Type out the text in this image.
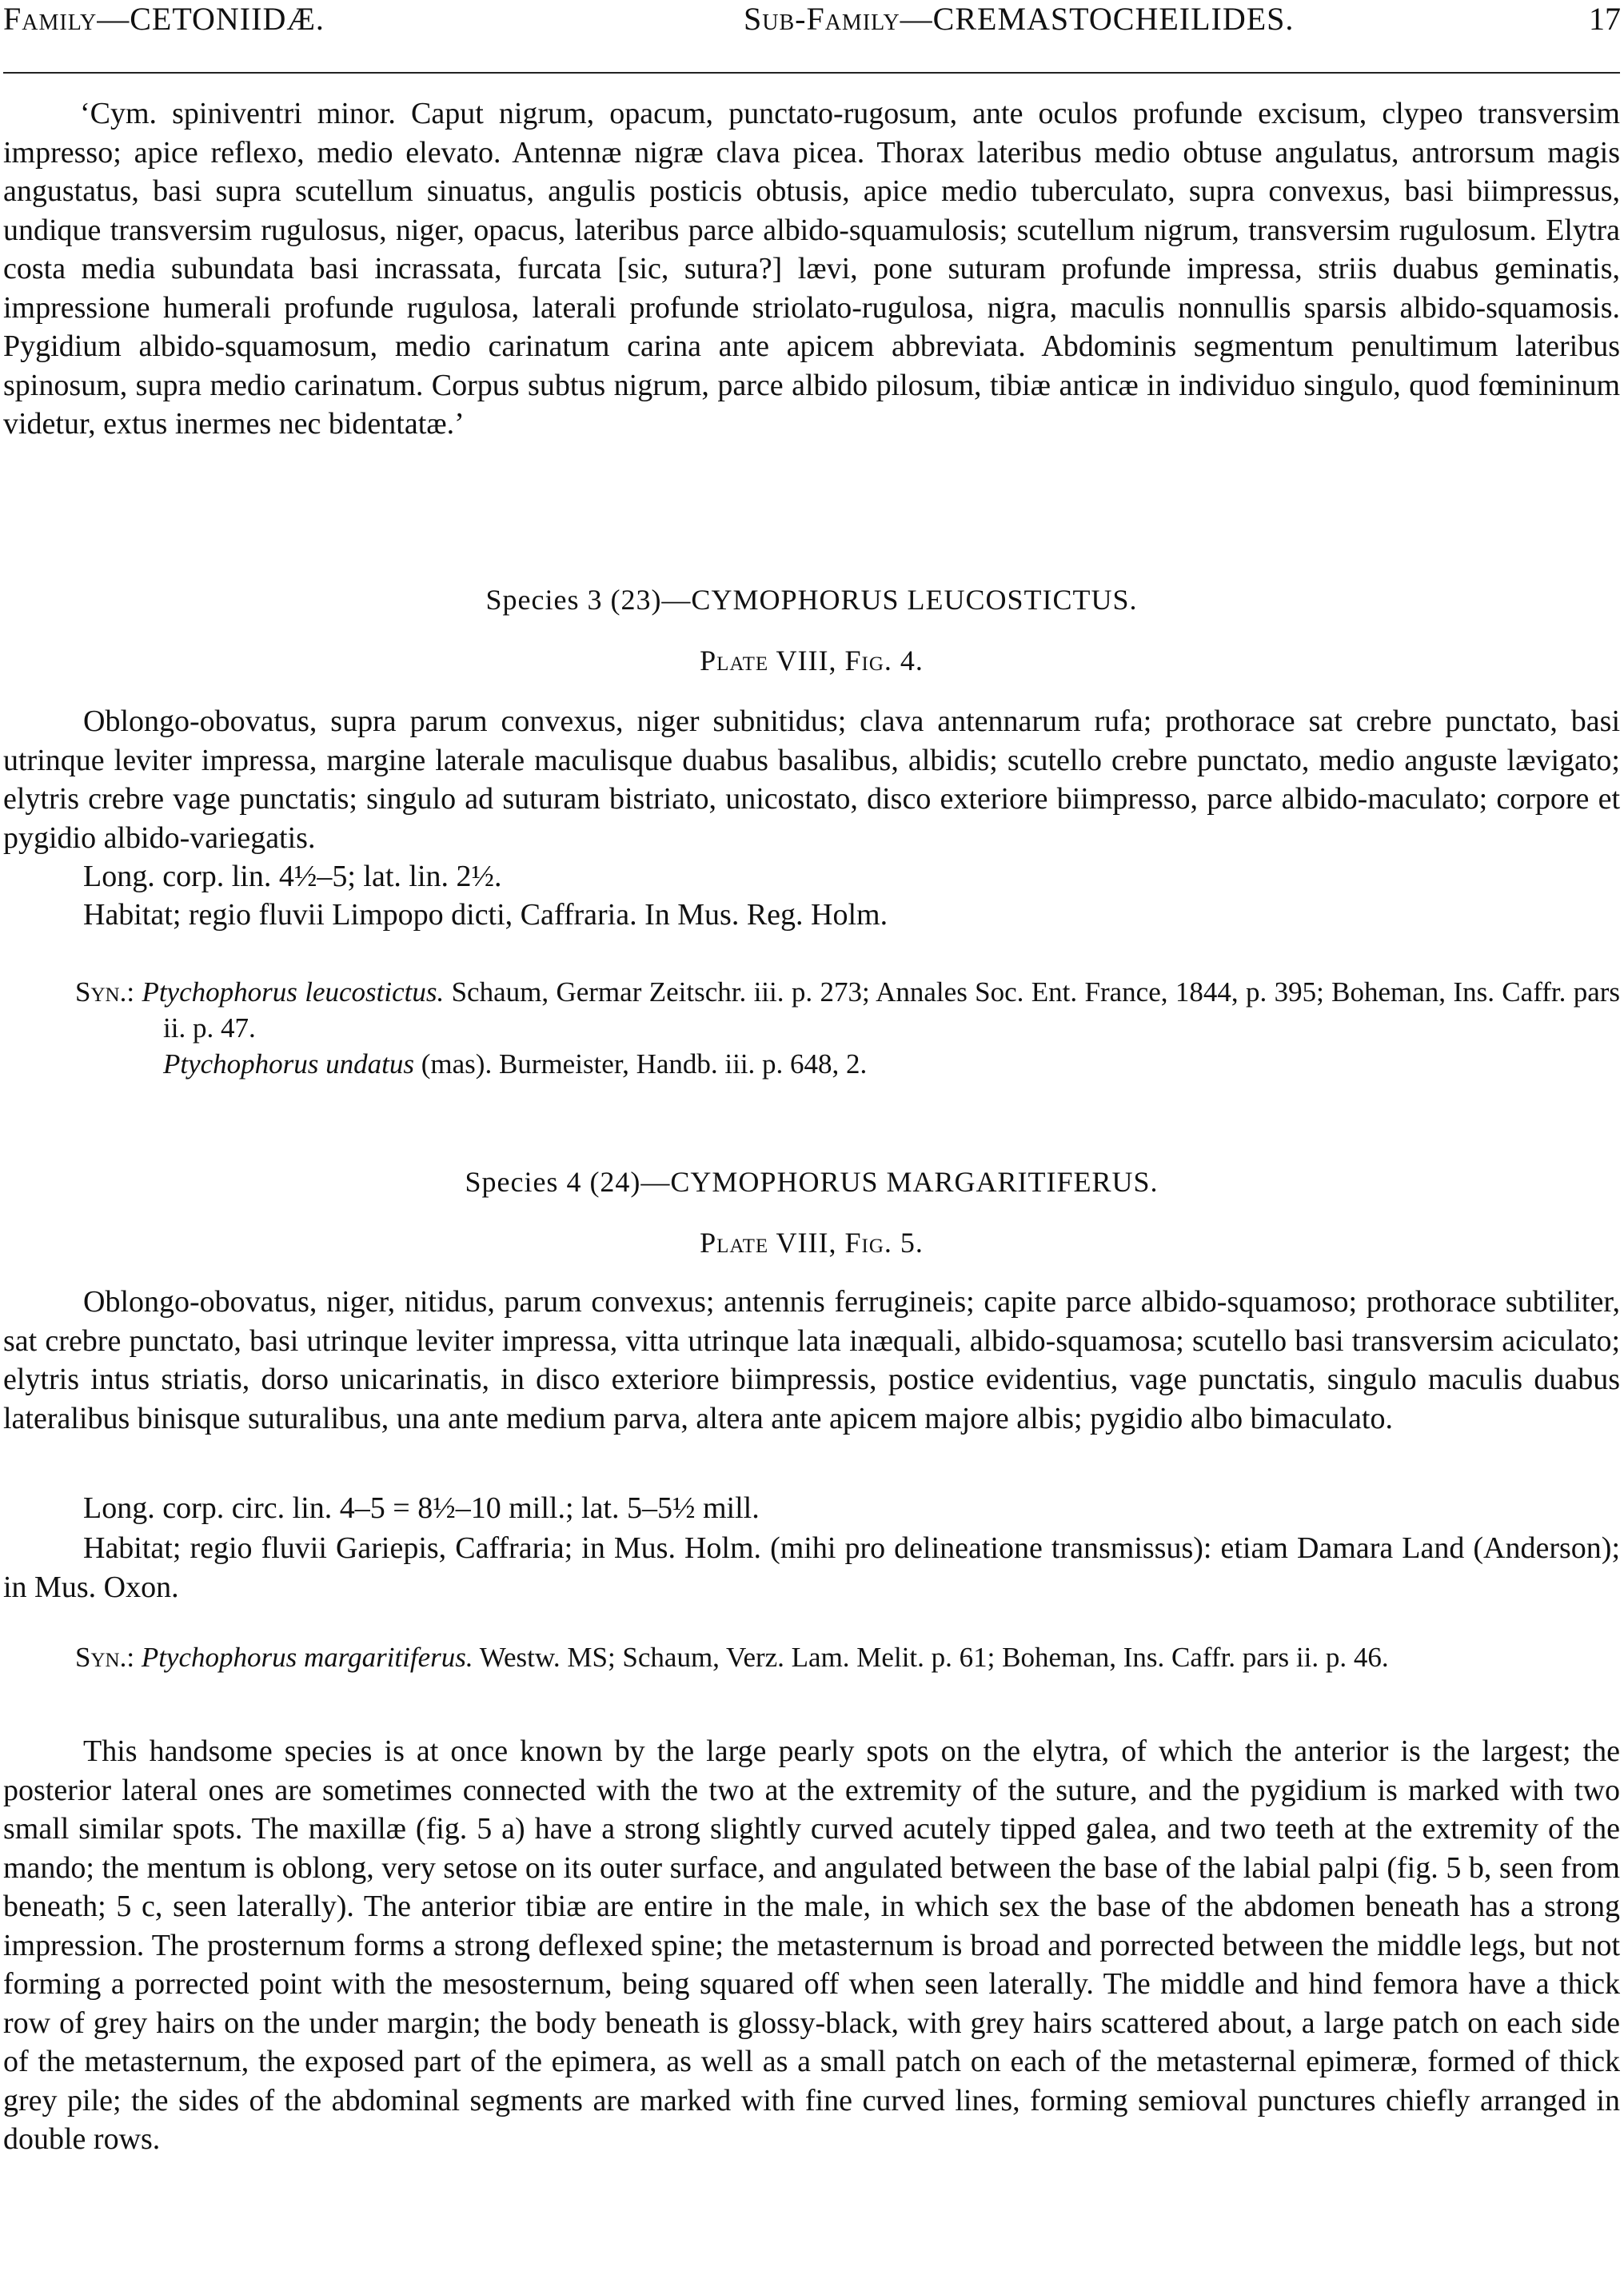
Family—CETONIIDÆ.	Sub-Family—CREMASTOCHEILIDES.	17
‘Cym. spiniventri minor. Caput nigrum, opacum, punctato-rugosum, ante oculos profunde excisum, clypeo transversim impresso; apice reflexo, medio elevato. Antennæ nigræ clava picea. Thorax lateribus medio obtuse angulatus, antrorsum magis angustatus, basi supra scutellum sinuatus, angulis posticis obtusis, apice medio tuberculato, supra convexus, basi biimpressus, undique transversim rugulosus, niger, opacus, lateribus parce albido-squamulosis; scutellum nigrum, transversim rugulosum. Elytra costa media subundata basi incrassata, furcata [sic, sutura?] lævi, pone suturam profunde impressa, striis duabus geminatis, impressione humerali profunde rugulosa, laterali profunde striolato-rugulosa, nigra, maculis nonnullis sparsis albido-squamosis. Pygidium albido-squamosum, medio carinatum carina ante apicem abbreviata. Abdominis segmentum penultimum lateribus spinosum, supra medio carinatum. Corpus subtus nigrum, parce albido pilosum, tibiæ anticæ in individuo singulo, quod fœmininum videtur, extus inermes nec bidentatæ.’
Species 3 (23)—CYMOPHORUS LEUCOSTICTUS.
Plate VIII, Fig. 4.
Oblongo-obovatus, supra parum convexus, niger subnitidus; clava antennarum rufa; prothorace sat crebre punctato, basi utrinque leviter impressa, margine laterale maculisque duabus basalibus, albidis; scutello crebre punctato, medio anguste lævigato; elytris crebre vage punctatis; singulo ad suturam bistriato, unicostato, disco exteriore biimpresso, parce albido-maculato; corpore et pygidio albido-variegatis.
Long. corp. lin. 4½–5; lat. lin. 2½.
Habitat; regio fluvii Limpopo dicti, Caffraria. In Mus. Reg. Holm.
Syn.: Ptychophorus leucostictus. Schaum, Germar Zeitschr. iii. p. 273; Annales Soc. Ent. France, 1844, p. 395; Boheman, Ins. Caffr. pars ii. p. 47.
Ptychophorus undatus (mas). Burmeister, Handb. iii. p. 648, 2.
Species 4 (24)—CYMOPHORUS MARGARITIFERUS.
Plate VIII, Fig. 5.
Oblongo-obovatus, niger, nitidus, parum convexus; antennis ferrugineis; capite parce albido-squamoso; prothorace subtiliter, sat crebre punctato, basi utrinque leviter impressa, vitta utrinque lata inæquali, albido-squamosa; scutello basi transversim aciculato; elytris intus striatis, dorso unicarinatis, in disco exteriore biimpressis, postice evidentius, vage punctatis, singulo maculis duabus lateralibus binisque suturalibus, una ante medium parva, altera ante apicem majore albis; pygidio albo bimaculato.
Long. corp. circ. lin. 4–5 = 8½–10 mill.; lat. 5–5½ mill.
Habitat; regio fluvii Gariepis, Caffraria; in Mus. Holm. (mihi pro delineatione transmissus): etiam Damara Land (Anderson); in Mus. Oxon.
Syn.: Ptychophorus margaritiferus. Westw. MS; Schaum, Verz. Lam. Melit. p. 61; Boheman, Ins. Caffr. pars ii. p. 46.
This handsome species is at once known by the large pearly spots on the elytra, of which the anterior is the largest; the posterior lateral ones are sometimes connected with the two at the extremity of the suture, and the pygidium is marked with two small similar spots. The maxillæ (fig. 5 a) have a strong slightly curved acutely tipped galea, and two teeth at the extremity of the mando; the mentum is oblong, very setose on its outer surface, and angulated between the base of the labial palpi (fig. 5 b, seen from beneath; 5 c, seen laterally). The anterior tibiæ are entire in the male, in which sex the base of the abdomen beneath has a strong impression. The prosternum forms a strong deflexed spine; the metasternum is broad and porrected between the middle legs, but not forming a porrected point with the mesosternum, being squared off when seen laterally. The middle and hind femora have a thick row of grey hairs on the under margin; the body beneath is glossy-black, with grey hairs scattered about, a large patch on each side of the metasternum, the exposed part of the epimera, as well as a small patch on each of the metasternal epimeræ, formed of thick grey pile; the sides of the abdominal segments are marked with fine curved lines, forming semioval punctures chiefly arranged in double rows.
